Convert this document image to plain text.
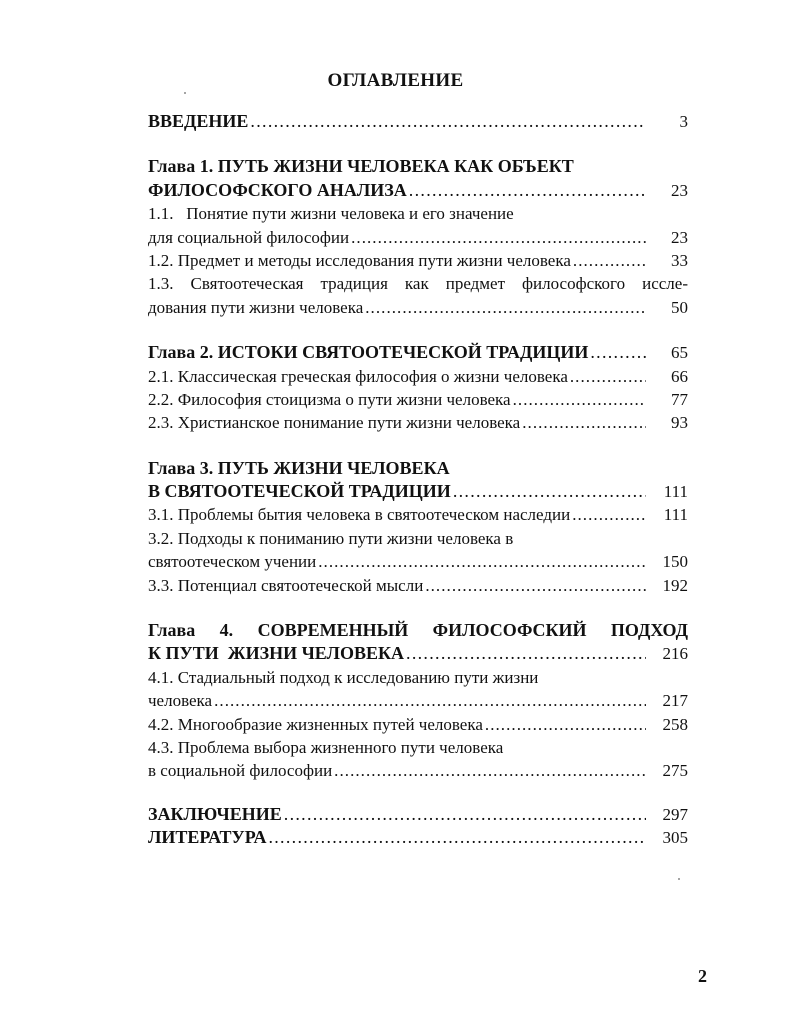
ОГЛАВЛЕНИЕ
ВВЕДЕНИЕ . . .	3
Глава 1. ПУТЬ ЖИЗНИ ЧЕЛОВЕКА КАК ОБЪЕКТ
ФИЛОСОФСКОГО АНАЛИЗА . . .	23
1.1.   Понятие пути жизни человека и его значение
для социальной философии . . .	23
1.2. Предмет и методы исследования пути жизни человека . . .	33
1.3. Святоотеческая традиция как предмет философского иссле-
дования пути жизни человека . . .	50
Глава 2. ИСТОКИ СВЯТООТЕЧЕСКОЙ ТРАДИЦИИ . . .	65
2.1. Классическая греческая философия о жизни человека . . .	66
2.2. Философия стоицизма о пути жизни человека . . .	77
2.3. Христианское понимание пути жизни человека . . .	93
Глава 3. ПУТЬ ЖИЗНИ ЧЕЛОВЕКА
В СВЯТООТЕЧЕСКОЙ ТРАДИЦИИ . . .	111
3.1. Проблемы бытия человека в святоотеческом наследии . . .	111
3.2. Подходы к пониманию пути жизни человека в
святоотеческом учении . . .	150
3.3. Потенциал святоотеческой мысли . . .	192
Глава 4. СОВРЕМЕННЫЙ ФИЛОСОФСКИЙ ПОДХОД
К ПУТИ  ЖИЗНИ ЧЕЛОВЕКА . . .	216
4.1. Стадиальный подход к исследованию пути жизни
человека . . .	217
4.2. Многообразие жизненных путей человека . . .	258
4.3. Проблема выбора жизненного пути человека
в социальной философии . . .	275
ЗАКЛЮЧЕНИЕ . . .	297
ЛИТЕРАТУРА . . .	305
2
